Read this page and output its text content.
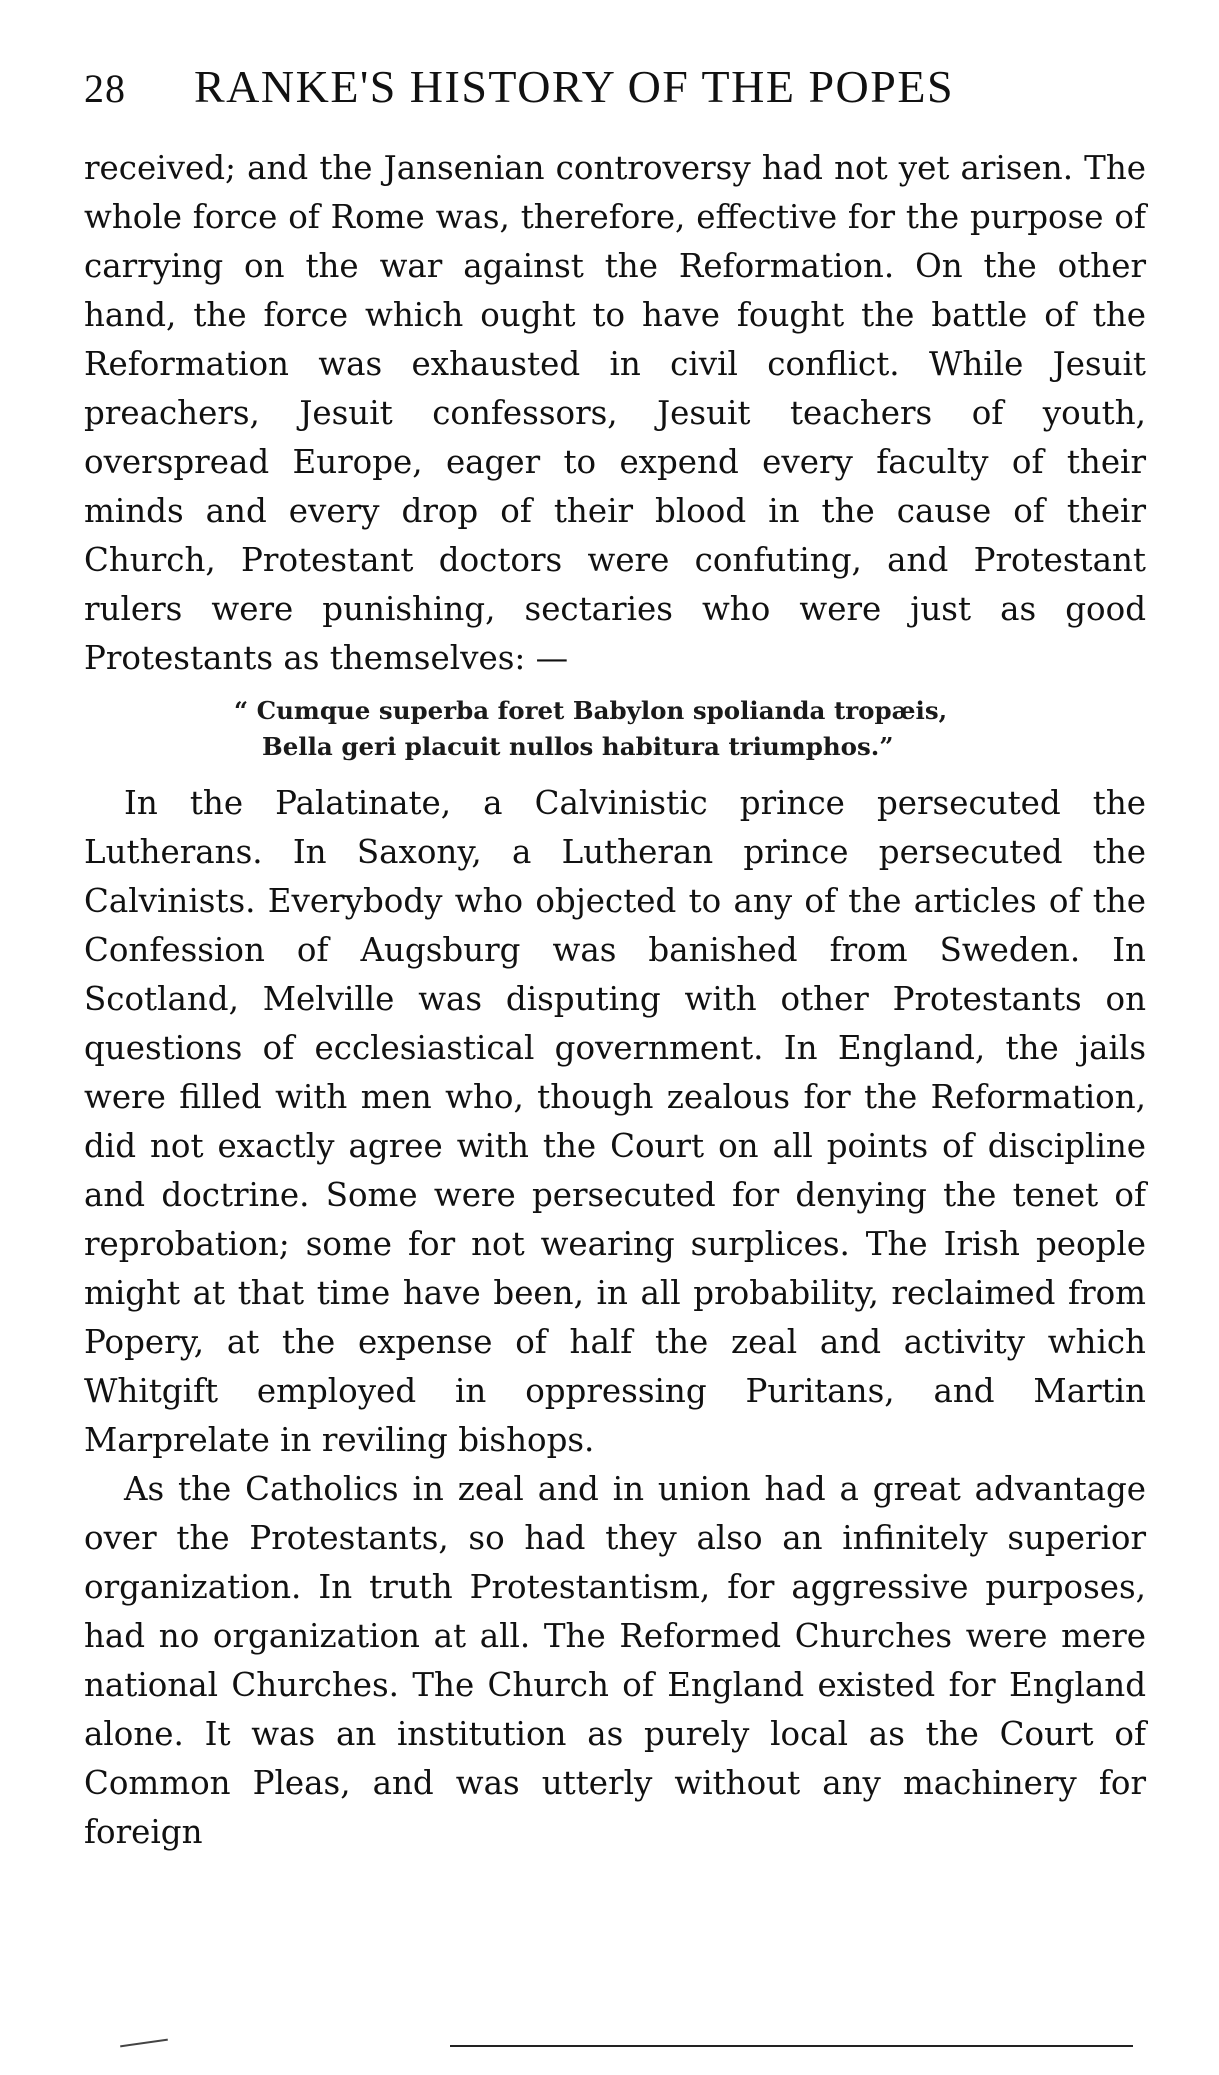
28	RANKE'S HISTORY OF THE POPES

received; and the Jansenian controversy had not yet arisen. The whole force of Rome was, therefore, effective for the purpose of carrying on the war against the Reformation. On the other hand, the force which ought to have fought the battle of the Reformation was exhausted in civil conflict. While Jesuit preachers, Jesuit confessors, Jesuit teachers of youth, overspread Europe, eager to expend every faculty of their minds and every drop of their blood in the cause of their Church, Protestant doctors were confuting, and Protestant rulers were punishing, sectaries who were just as good Protestants as themselves: —

“ Cumque superba foret Babylon spolianda tropæis,
Bella geri placuit nullos habitura triumphos.”

In the Palatinate, a Calvinistic prince persecuted the Lutherans. In Saxony, a Lutheran prince persecuted the Calvinists. Everybody who objected to any of the articles of the Confession of Augsburg was banished from Sweden. In Scotland, Melville was disputing with other Protestants on questions of ecclesiastical government. In England, the jails were filled with men who, though zealous for the Reformation, did not exactly agree with the Court on all points of discipline and doctrine. Some were persecuted for denying the tenet of reprobation; some for not wearing surplices. The Irish people might at that time have been, in all probability, reclaimed from Popery, at the expense of half the zeal and activity which Whitgift employed in oppressing Puritans, and Martin Marprelate in reviling bishops.

As the Catholics in zeal and in union had a great advantage over the Protestants, so had they also an infinitely superior organization. In truth Protestantism, for aggressive purposes, had no organization at all. The Reformed Churches were mere national Churches. The Church of England existed for England alone. It was an institution as purely local as the Court of Common Pleas, and was utterly without any machinery for foreign
